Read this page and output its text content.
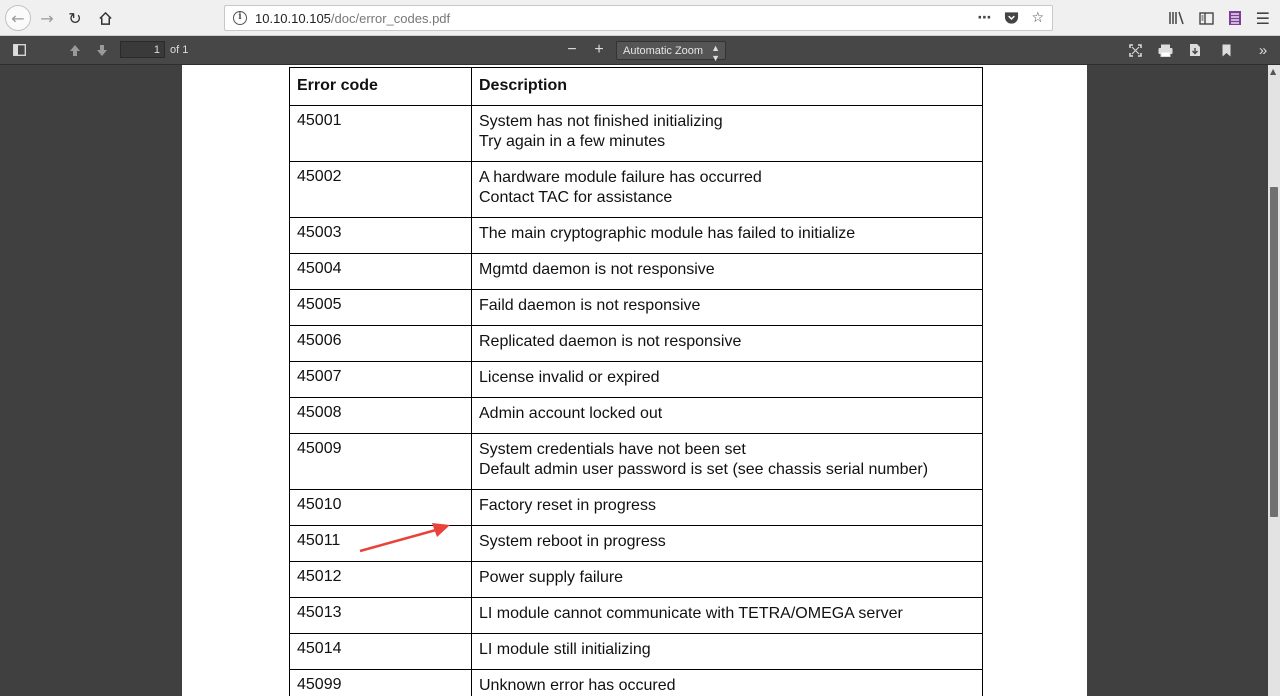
← → ↻	i	10.10.10.105/doc/error_codes.pdf	⋯	☆	☰
1
of 1	− + Automatic Zoom ▲
▼	»
Error code	Description
45001	System has not finished initializing
Try again in a few minutes

45002	A hardware module failure has occurred
Contact TAC for assistance

45003	The main cryptographic module has failed to initialize

45004	Mgmtd daemon is not responsive

45005	Faild daemon is not responsive

45006	Replicated daemon is not responsive

45007	License invalid or expired

45008	Admin account locked out

45009	System credentials have not been set
Default admin user password is set (see chassis serial number)

45010	Factory reset in progress

45011	System reboot in progress

45012	Power supply failure

45013	LI module cannot communicate with TETRA/OMEGA server

45014	LI module still initializing

45099	Unknown error has occured
▲
